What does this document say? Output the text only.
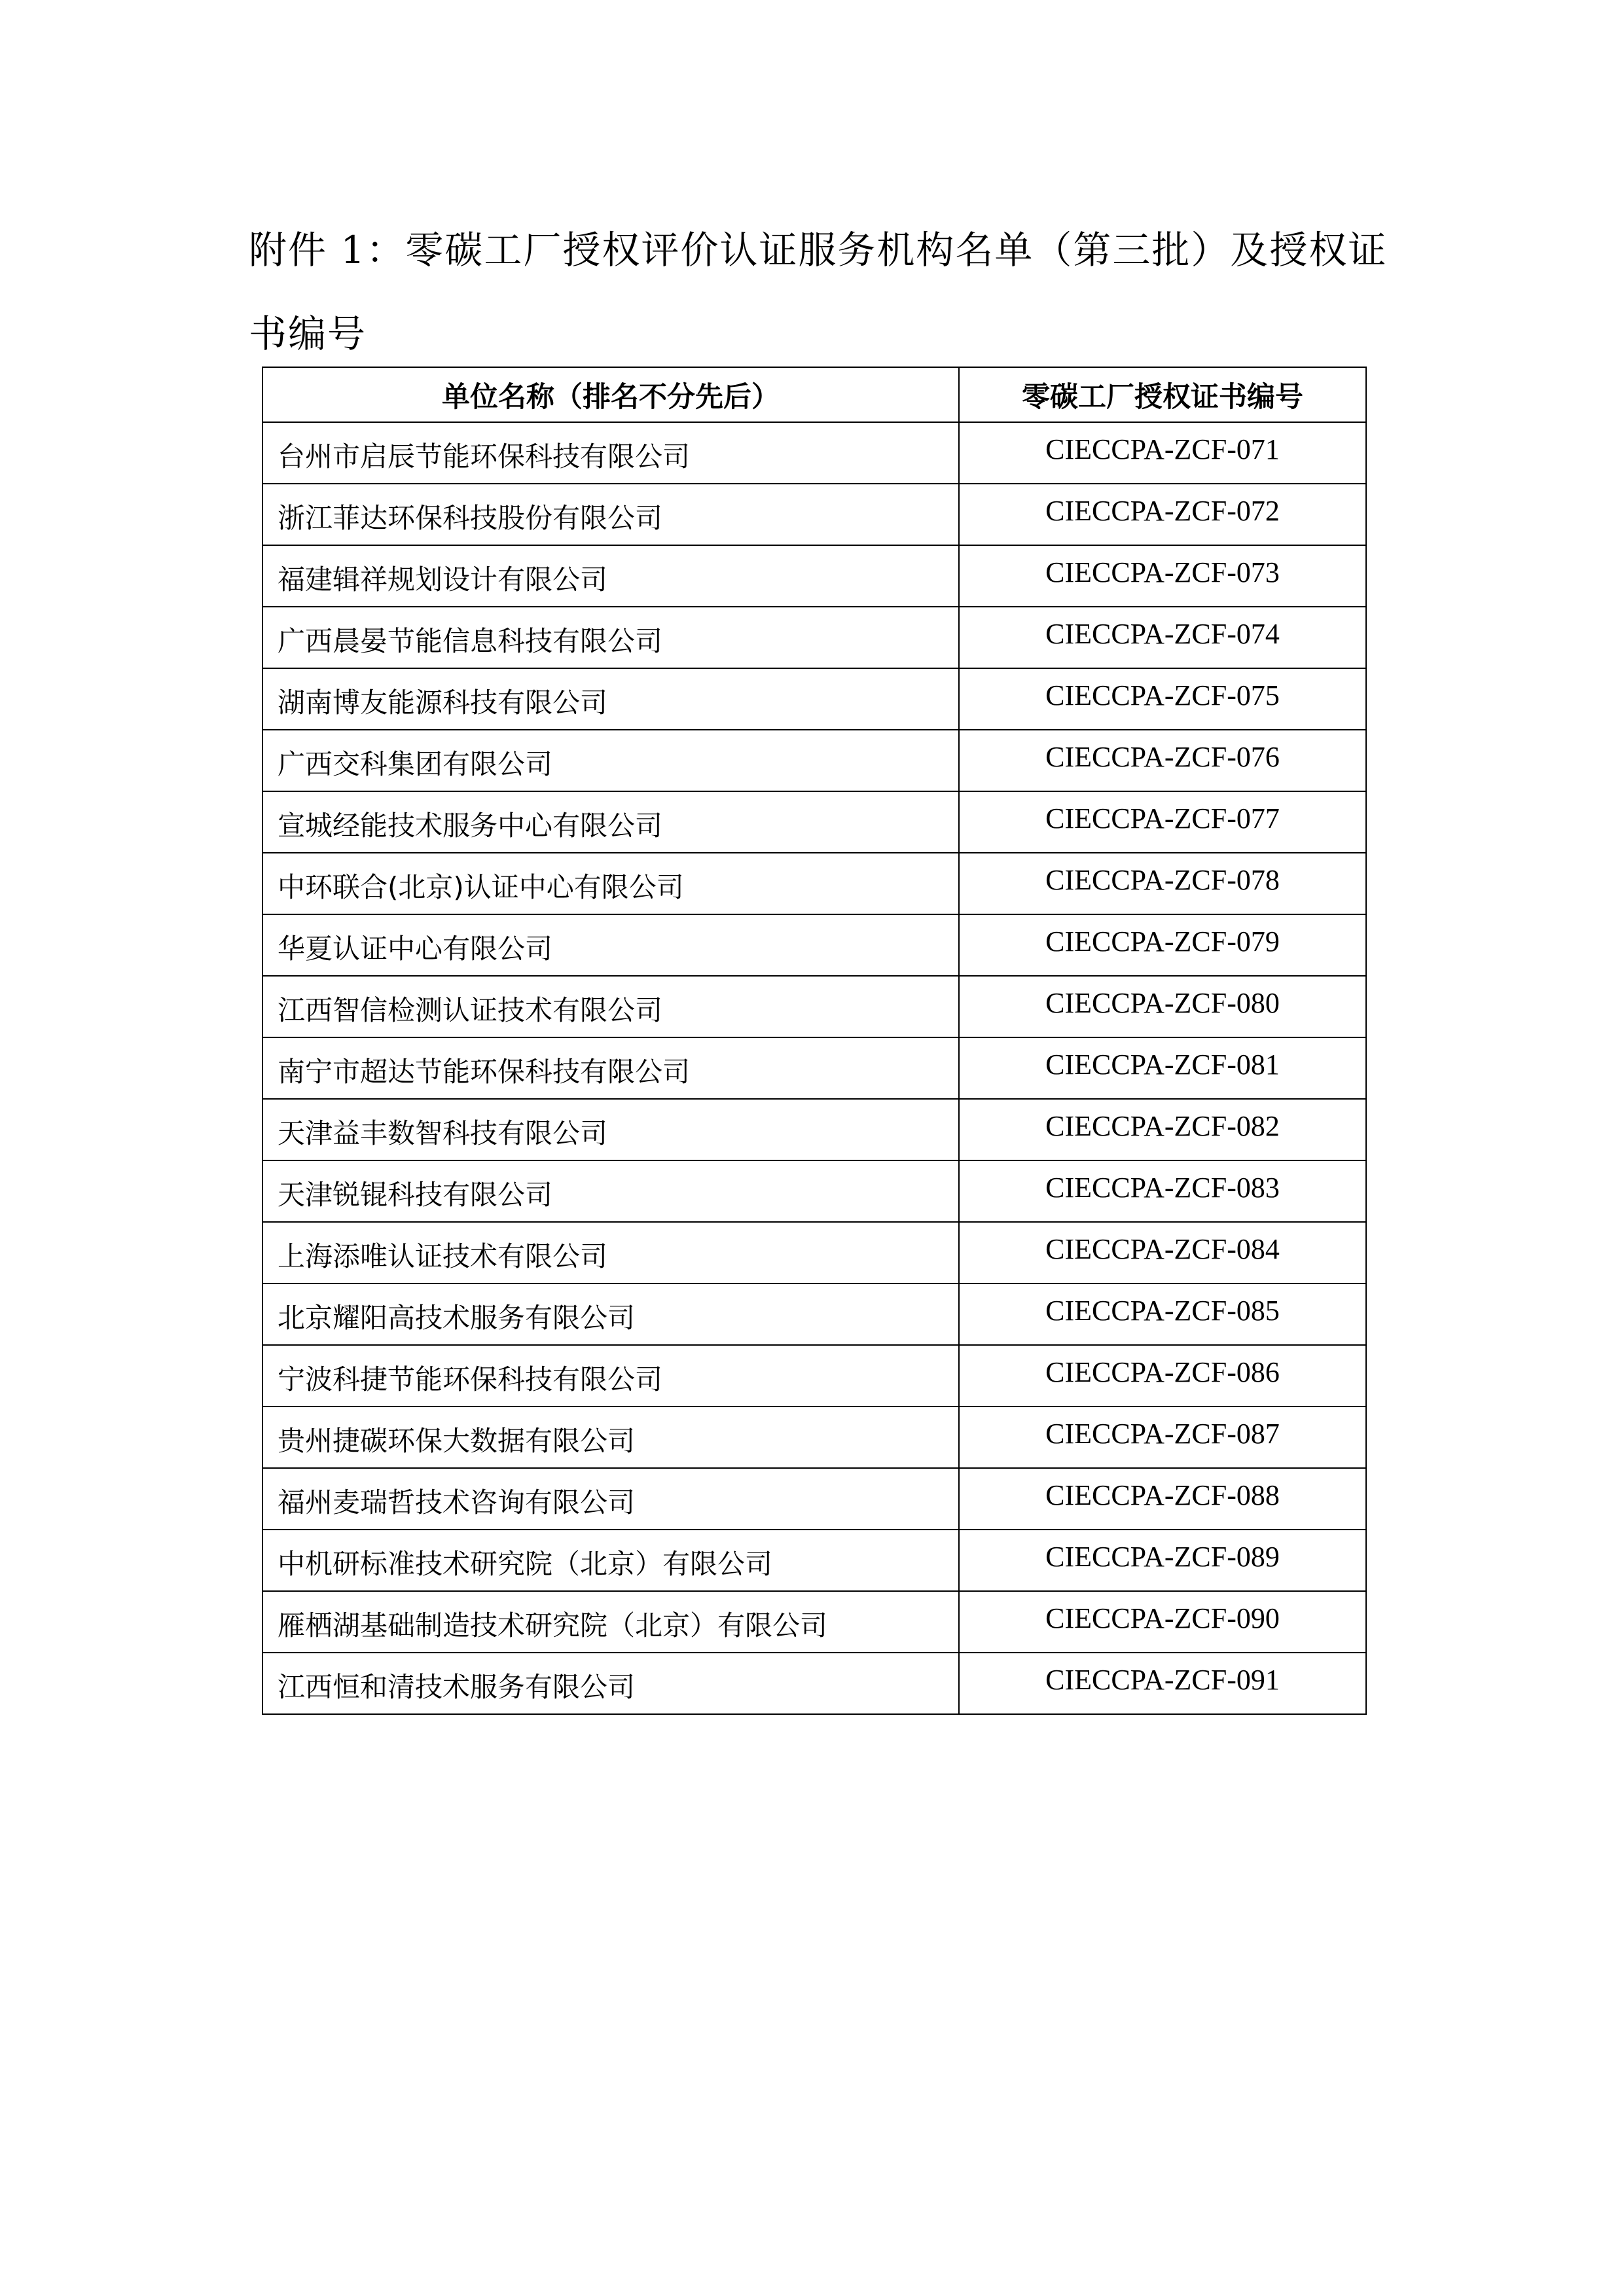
附件 1：零碳工厂授权评价认证服务机构名单（第三批）及授权证书编号
单位名称（排名不分先后）	零碳工厂授权证书编号
台州市启辰节能环保科技有限公司	CIECCPA-ZCF-071
浙江菲达环保科技股份有限公司	CIECCPA-ZCF-072
福建辑祥规划设计有限公司	CIECCPA-ZCF-073
广西晨晏节能信息科技有限公司	CIECCPA-ZCF-074
湖南博友能源科技有限公司	CIECCPA-ZCF-075
广西交科集团有限公司	CIECCPA-ZCF-076
宣城经能技术服务中心有限公司	CIECCPA-ZCF-077
中环联合(北京)认证中心有限公司	CIECCPA-ZCF-078
华夏认证中心有限公司	CIECCPA-ZCF-079
江西智信检测认证技术有限公司	CIECCPA-ZCF-080
南宁市超达节能环保科技有限公司	CIECCPA-ZCF-081
天津益丰数智科技有限公司	CIECCPA-ZCF-082
天津锐锟科技有限公司	CIECCPA-ZCF-083
上海添唯认证技术有限公司	CIECCPA-ZCF-084
北京耀阳高技术服务有限公司	CIECCPA-ZCF-085
宁波科捷节能环保科技有限公司	CIECCPA-ZCF-086
贵州捷碳环保大数据有限公司	CIECCPA-ZCF-087
福州麦瑞哲技术咨询有限公司	CIECCPA-ZCF-088
中机研标准技术研究院（北京）有限公司	CIECCPA-ZCF-089
雁栖湖基础制造技术研究院（北京）有限公司	CIECCPA-ZCF-090
江西恒和清技术服务有限公司	CIECCPA-ZCF-091
